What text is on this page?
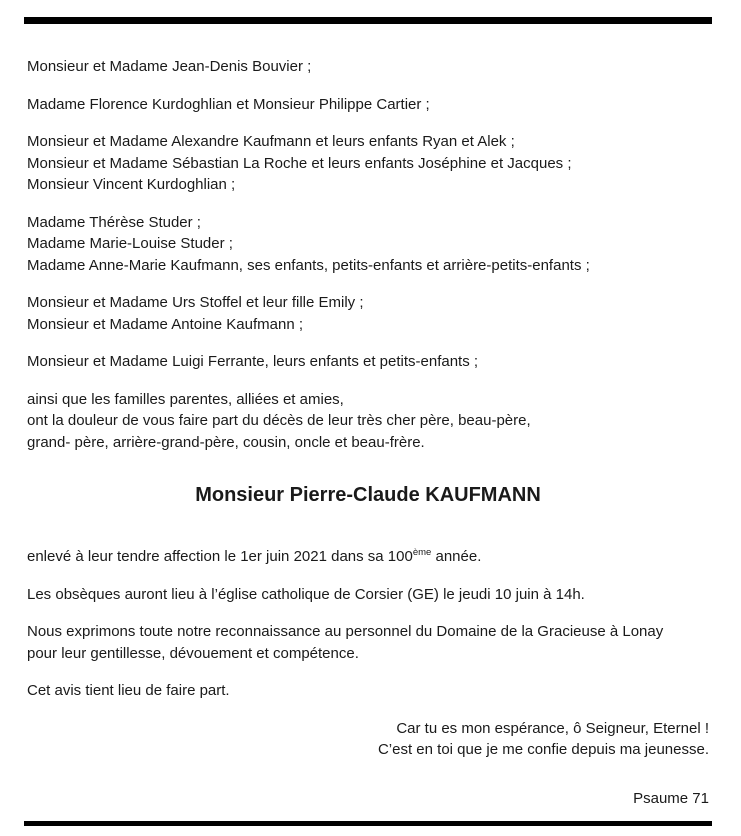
Monsieur et Madame Jean-Denis Bouvier ;

Madame Florence Kurdoghlian et Monsieur Philippe Cartier ;

Monsieur et Madame Alexandre Kaufmann et leurs enfants Ryan et Alek ;
Monsieur et Madame Sébastian La Roche et leurs enfants Joséphine et Jacques ;
Monsieur Vincent Kurdoghlian ;

Madame Thérèse Studer ;
Madame Marie-Louise Studer ;
Madame Anne-Marie Kaufmann, ses enfants, petits-enfants et arrière-petits-enfants ;

Monsieur et Madame Urs Stoffel et leur fille Emily ;
Monsieur et Madame Antoine Kaufmann ;

Monsieur et Madame Luigi Ferrante, leurs enfants et petits-enfants ;

ainsi que les familles parentes, alliées et amies,
ont la douleur de vous faire part du décès de leur très cher père, beau-père,
grand- père, arrière-grand-père, cousin, oncle et beau-frère.

Monsieur Pierre-Claude KAUFMANN

enlevé à leur tendre affection le 1er juin 2021 dans sa 100ème année.

Les obsèques auront lieu à l’église catholique de Corsier (GE) le jeudi 10 juin à 14h.

Nous exprimons toute notre reconnaissance au personnel du Domaine de la Gracieuse à Lonay
pour leur gentillesse, dévouement et compétence.

Cet avis tient lieu de faire part.

Car tu es mon espérance, ô Seigneur, Eternel !
C’est en toi que je me confie depuis ma jeunesse.

Psaume 71
